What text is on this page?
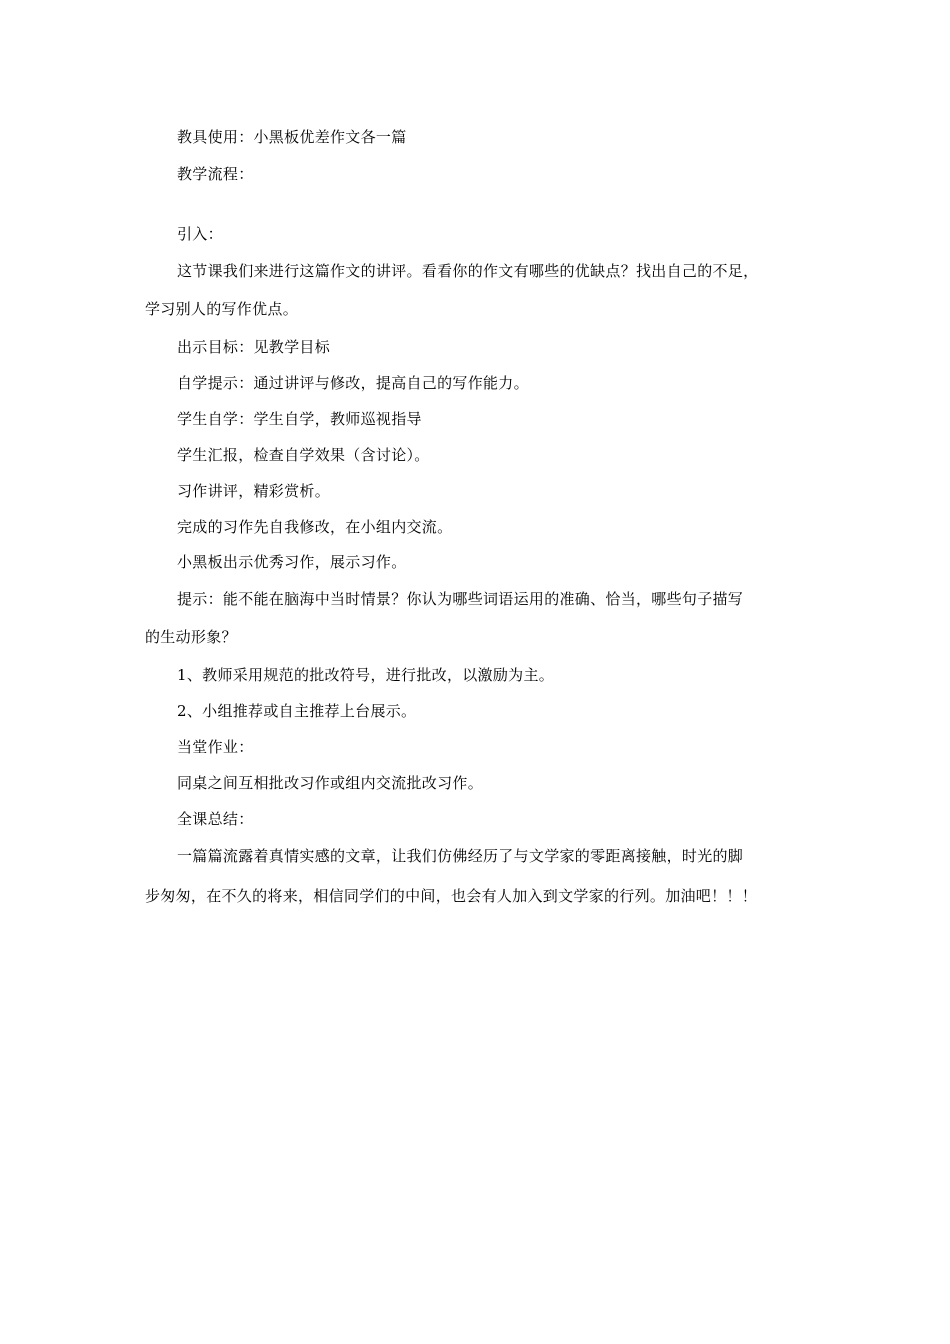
教具使用：小黑板优差作文各一篇
教学流程：
引入：
这节课我们来进行这篇作文的讲评。看看你的作文有哪些的优缺点？找出自己的不足，
学习别人的写作优点。
出示目标：见教学目标
自学提示：通过讲评与修改，提高自己的写作能力。
学生自学：学生自学，教师巡视指导
学生汇报，检查自学效果（含讨论）。
习作讲评，精彩赏析。
完成的习作先自我修改，在小组内交流。
小黑板出示优秀习作，展示习作。
提示：能不能在脑海中当时情景？你认为哪些词语运用的准确、恰当，哪些句子描写
的生动形象？
1、教师采用规范的批改符号，进行批改，以激励为主。
2、小组推荐或自主推荐上台展示。
当堂作业：
同桌之间互相批改习作或组内交流批改习作。
全课总结：
一篇篇流露着真情实感的文章，让我们仿佛经历了与文学家的零距离接触，时光的脚
步匆匆，在不久的将来，相信同学们的中间，也会有人加入到文学家的行列。加油吧！！！
